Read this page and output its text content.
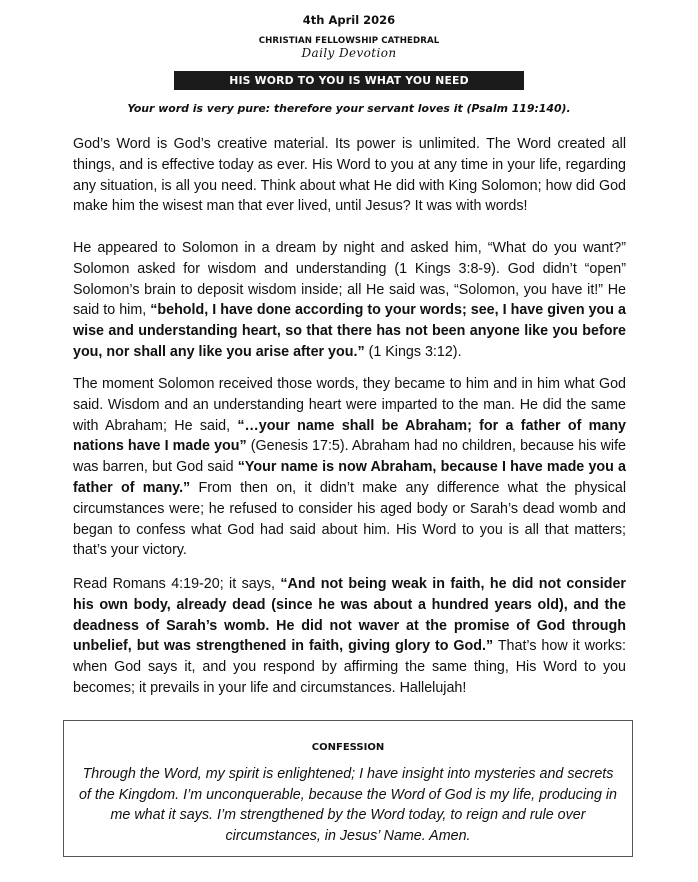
4th April 2026
CHRISTIAN FELLOWSHIP CATHEDRAL
Daily Devotion
HIS WORD TO YOU IS WHAT YOU NEED
Your word is very pure: therefore your servant loves it (Psalm 119:140).

God’s Word is God’s creative material. Its power is unlimited. The Word created all things, and is effective today as ever. His Word to you at any time in your life, regarding any situation, is all you need. Think about what He did with King Solomon; how did God make him the wisest man that ever lived, until Jesus? It was with words!

He appeared to Solomon in a dream by night and asked him, “What do you want?” Solomon asked for wisdom and understanding (1 Kings 3:8-9). God didn’t “open” Solomon’s brain to deposit wisdom inside; all He said was, “Solomon, you have it!” He said to him, “behold, I have done according to your words; see, I have given you a wise and understanding heart, so that there has not been anyone like you before you, nor shall any like you arise after you.” (1 Kings 3:12).

The moment Solomon received those words, they became to him and in him what God said. Wisdom and an understanding heart were imparted to the man. He did the same with Abraham; He said, “…your name shall be Abraham; for a father of many nations have I made you” (Genesis 17:5). Abraham had no children, because his wife was barren, but God said “Your name is now Abraham, because I have made you a father of many.” From then on, it didn’t make any difference what the physical circumstances were; he refused to consider his aged body or Sarah’s dead womb and began to confess what God had said about him. His Word to you is all that matters; that’s your victory.

Read Romans 4:19-20; it says, “And not being weak in faith, he did not consider his own body, already dead (since he was about a hundred years old), and the deadness of Sarah’s womb. He did not waver at the promise of God through unbelief, but was strengthened in faith, giving glory to God.” That’s how it works: when God says it, and you respond by affirming the same thing, His Word to you becomes; it prevails in your life and circumstances. Hallelujah!

CONFESSION
Through the Word, my spirit is enlightened; I have insight into mysteries and secrets of the Kingdom. I’m unconquerable, because the Word of God is my life, producing in me what it says. I’m strengthened by the Word today, to reign and rule over circumstances, in Jesus’ Name. Amen.
